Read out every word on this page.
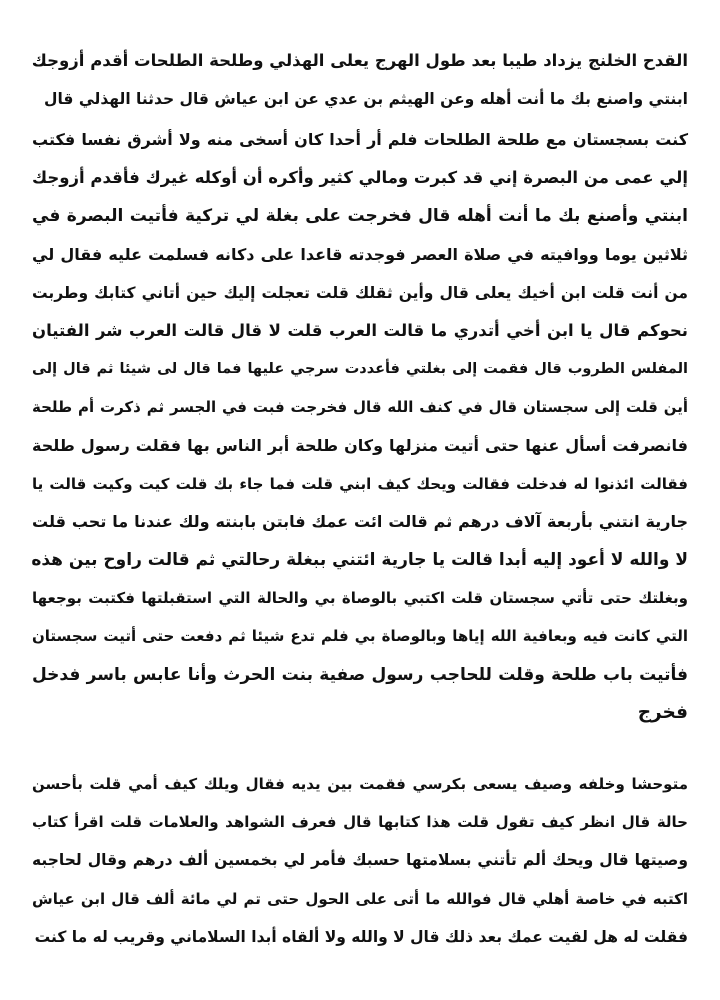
القدح الخلنج يزداد طيبا بعد طول الهرج يعلى الهذلي وطلحة الطلحات أقدم أزوجك
ابنتي واصنع بك ما أنت أهله وعن الهيثم بن عدي عن ابن عياش قال حدثنا الهذلي قال
كنت بسجستان مع طلحة الطلحات فلم أر أحدا كان أسخى منه ولا أشرق نفسا فكتب
إلي عمى من البصرة إني قد كبرت ومالي كثير وأكره أن أوكله غيرك فأقدم أزوجك
ابنتي وأصنع بك ما أنت أهله قال فخرجت على بغلة لي تركية فأتيت البصرة في
ثلاثين يوما ووافيته في صلاة العصر فوجدته قاعدا على دكانه فسلمت عليه فقال لي
من أنت قلت ابن أخيك يعلى قال وأين ثقلك قلت تعجلت إليك حين أتاني كتابك وطربت
نحوكم قال يا ابن أخي أتدري ما قالت العرب قلت لا قال قالت العرب شر الفتيان
المفلس الطروب قال فقمت إلى بغلتي فأعددت سرجي عليها فما قال لى شيئا ثم قال إلى
أين قلت إلى سجستان قال في كنف الله قال فخرجت فبت في الجسر ثم ذكرت أم طلحة
فانصرفت أسأل عنها حتى أتيت منزلها وكان طلحة أبر الناس بها فقلت رسول طلحة
فقالت ائذنوا له فدخلت فقالت ويحك كيف ابني قلت فما جاء بك قلت كيت وكيت قالت يا
جارية انتني بأربعة آلاف درهم ثم قالت ائت عمك فابتن بابنته ولك عندنا ما تحب قلت
لا والله لا أعود إليه أبدا قالت يا جارية ائتني ببغلة رحالتي ثم قالت راوح بين هذه
وبغلتك حتى تأتي سجستان قلت اكتبي بالوصاة بي والحالة التي استقبلتها فكتبت بوجعها
التي كانت فيه وبعافية الله إياها وبالوصاة بي فلم تدع شيئا ثم دفعت حتى أتيت سجستان
فأتيت باب طلحة وقلت للحاجب رسول صفية بنت الحرث وأنا عابس باسر فدخل
فخرج
متوحشا وخلفه وصيف يسعى بكرسي فقمت بين يديه فقال ويلك كيف أمي قلت بأحسن
حالة قال انظر كيف تقول قلت هذا كتابها قال فعرف الشواهد والعلامات قلت اقرأ كتاب
وصيتها قال ويحك ألم تأتني بسلامتها حسبك فأمر لي بخمسين ألف درهم وقال لحاجبه
اكتبه في خاصة أهلي قال فوالله ما أتى على الحول حتى تم لي مائة ألف قال ابن عياش
فقلت له هل لقيت عمك بعد ذلك قال لا والله ولا ألقاه أبدا السلاماني وقريب له ما كنت
